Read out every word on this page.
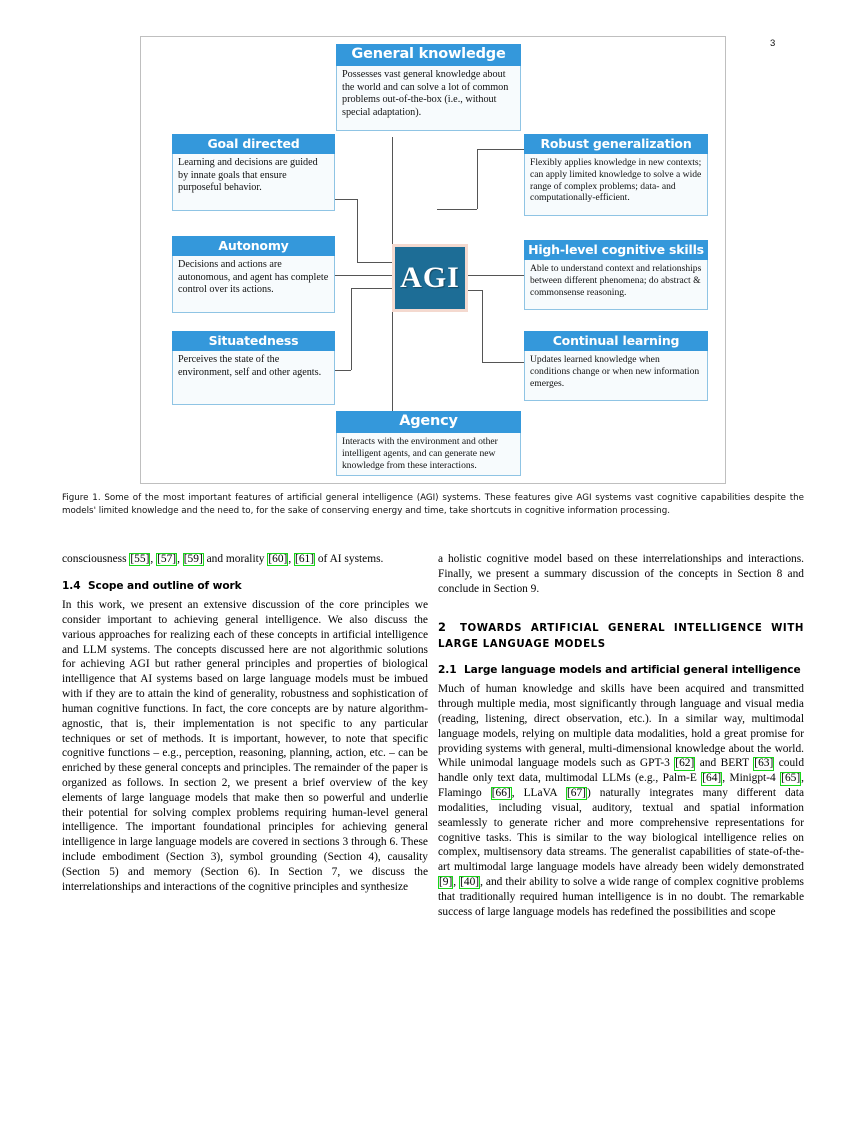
3
General knowledge

Possesses vast general knowledge about the world and can solve a lot of common problems out-of-the-box (i.e., without special adaptation).

Goal directed

Learning and decisions are guided by innate goals that ensure purposeful behavior.

Robust generalization

Flexibly applies knowledge in new contexts; can apply limited knowledge to solve a wide range of complex problems; data- and computationally-efficient.

Autonomy

Decisions and actions are autonomous, and agent has complete control over its actions.

High-level cognitive skills

Able to understand context and relationships between different phenomena; do abstract & commonsense reasoning.

Situatedness

Perceives the state of the environment, self and other agents.

Continual learning

Updates learned knowledge when conditions change or when new information emerges.

Agency

Interacts with the environment and other intelligent agents, and can generate new knowledge from these interactions.

AGI
Figure 1. Some of the most important features of artificial general intelligence (AGI) systems. These features give AGI systems vast cognitive capabilities despite the models' limited knowledge and the need to, for the sake of conserving energy and time, take shortcuts in cognitive information processing.

consciousness [55], [57], [59] and morality [60], [61] of AI systems.

1.4 Scope and outline of work

In this work, we present an extensive discussion of the core principles we consider important to achieving general intelligence. We also discuss the various approaches for realizing each of these concepts in artificial intelligence and LLM systems. The concepts discussed here are not algorithmic solutions for achieving AGI but rather general principles and properties of biological intelligence that AI systems based on large language models must be imbued with if they are to attain the kind of generality, robustness and sophistication of human cognitive functions. In fact, the core concepts are by nature algorithm-agnostic, that is, their implementation is not specific to any particular techniques or set of methods. It is important, however, to note that specific cognitive functions – e.g., perception, reasoning, planning, action, etc. – can be enriched by these general concepts and principles. The remainder of the paper is organized as follows. In section 2, we present a brief overview of the key elements of large language models that make then so powerful and underlie their potential for solving complex problems requiring human-level general intelligence. The important foundational principles for achieving general intelligence in large language models are covered in sections 3 through 6. These include embodiment (Section 3), symbol grounding (Section 4), causality (Section 5) and memory (Section 6). In Section 7, we discuss the interrelationships and interactions of the cognitive principles and synthesize

a holistic cognitive model based on these interrelationships and interactions. Finally, we present a summary discussion of the concepts in Section 8 and conclude in Section 9.

2 TOWARDS ARTIFICIAL GENERAL INTELLIGENCE WITH LARGE LANGUAGE MODELS
2.1 Large language models and artificial general intelligence

Much of human knowledge and skills have been acquired and transmitted through multiple media, most significantly through language and visual media (reading, listening, direct observation, etc.). In a similar way, multimodal language models, relying on multiple data modalities, hold a great promise for providing systems with general, multi-dimensional knowledge about the world. While unimodal language models such as GPT-3 [62] and BERT [63] could handle only text data, multimodal LLMs (e.g., Palm-E [64], Minigpt-4 [65], Flamingo [66], LLaVA [67]) naturally integrates many different data modalities, including visual, auditory, textual and spatial information seamlessly to generate richer and more comprehensive representations for cognitive tasks. This is similar to the way biological intelligence relies on complex, multisensory data streams. The generalist capabilities of state-of-the-art multimodal large language models have already been widely demonstrated [9], [40], and their ability to solve a wide range of complex cognitive problems that traditionally required human intelligence is in no doubt. The remarkable success of large language models has redefined the possibilities and scope
